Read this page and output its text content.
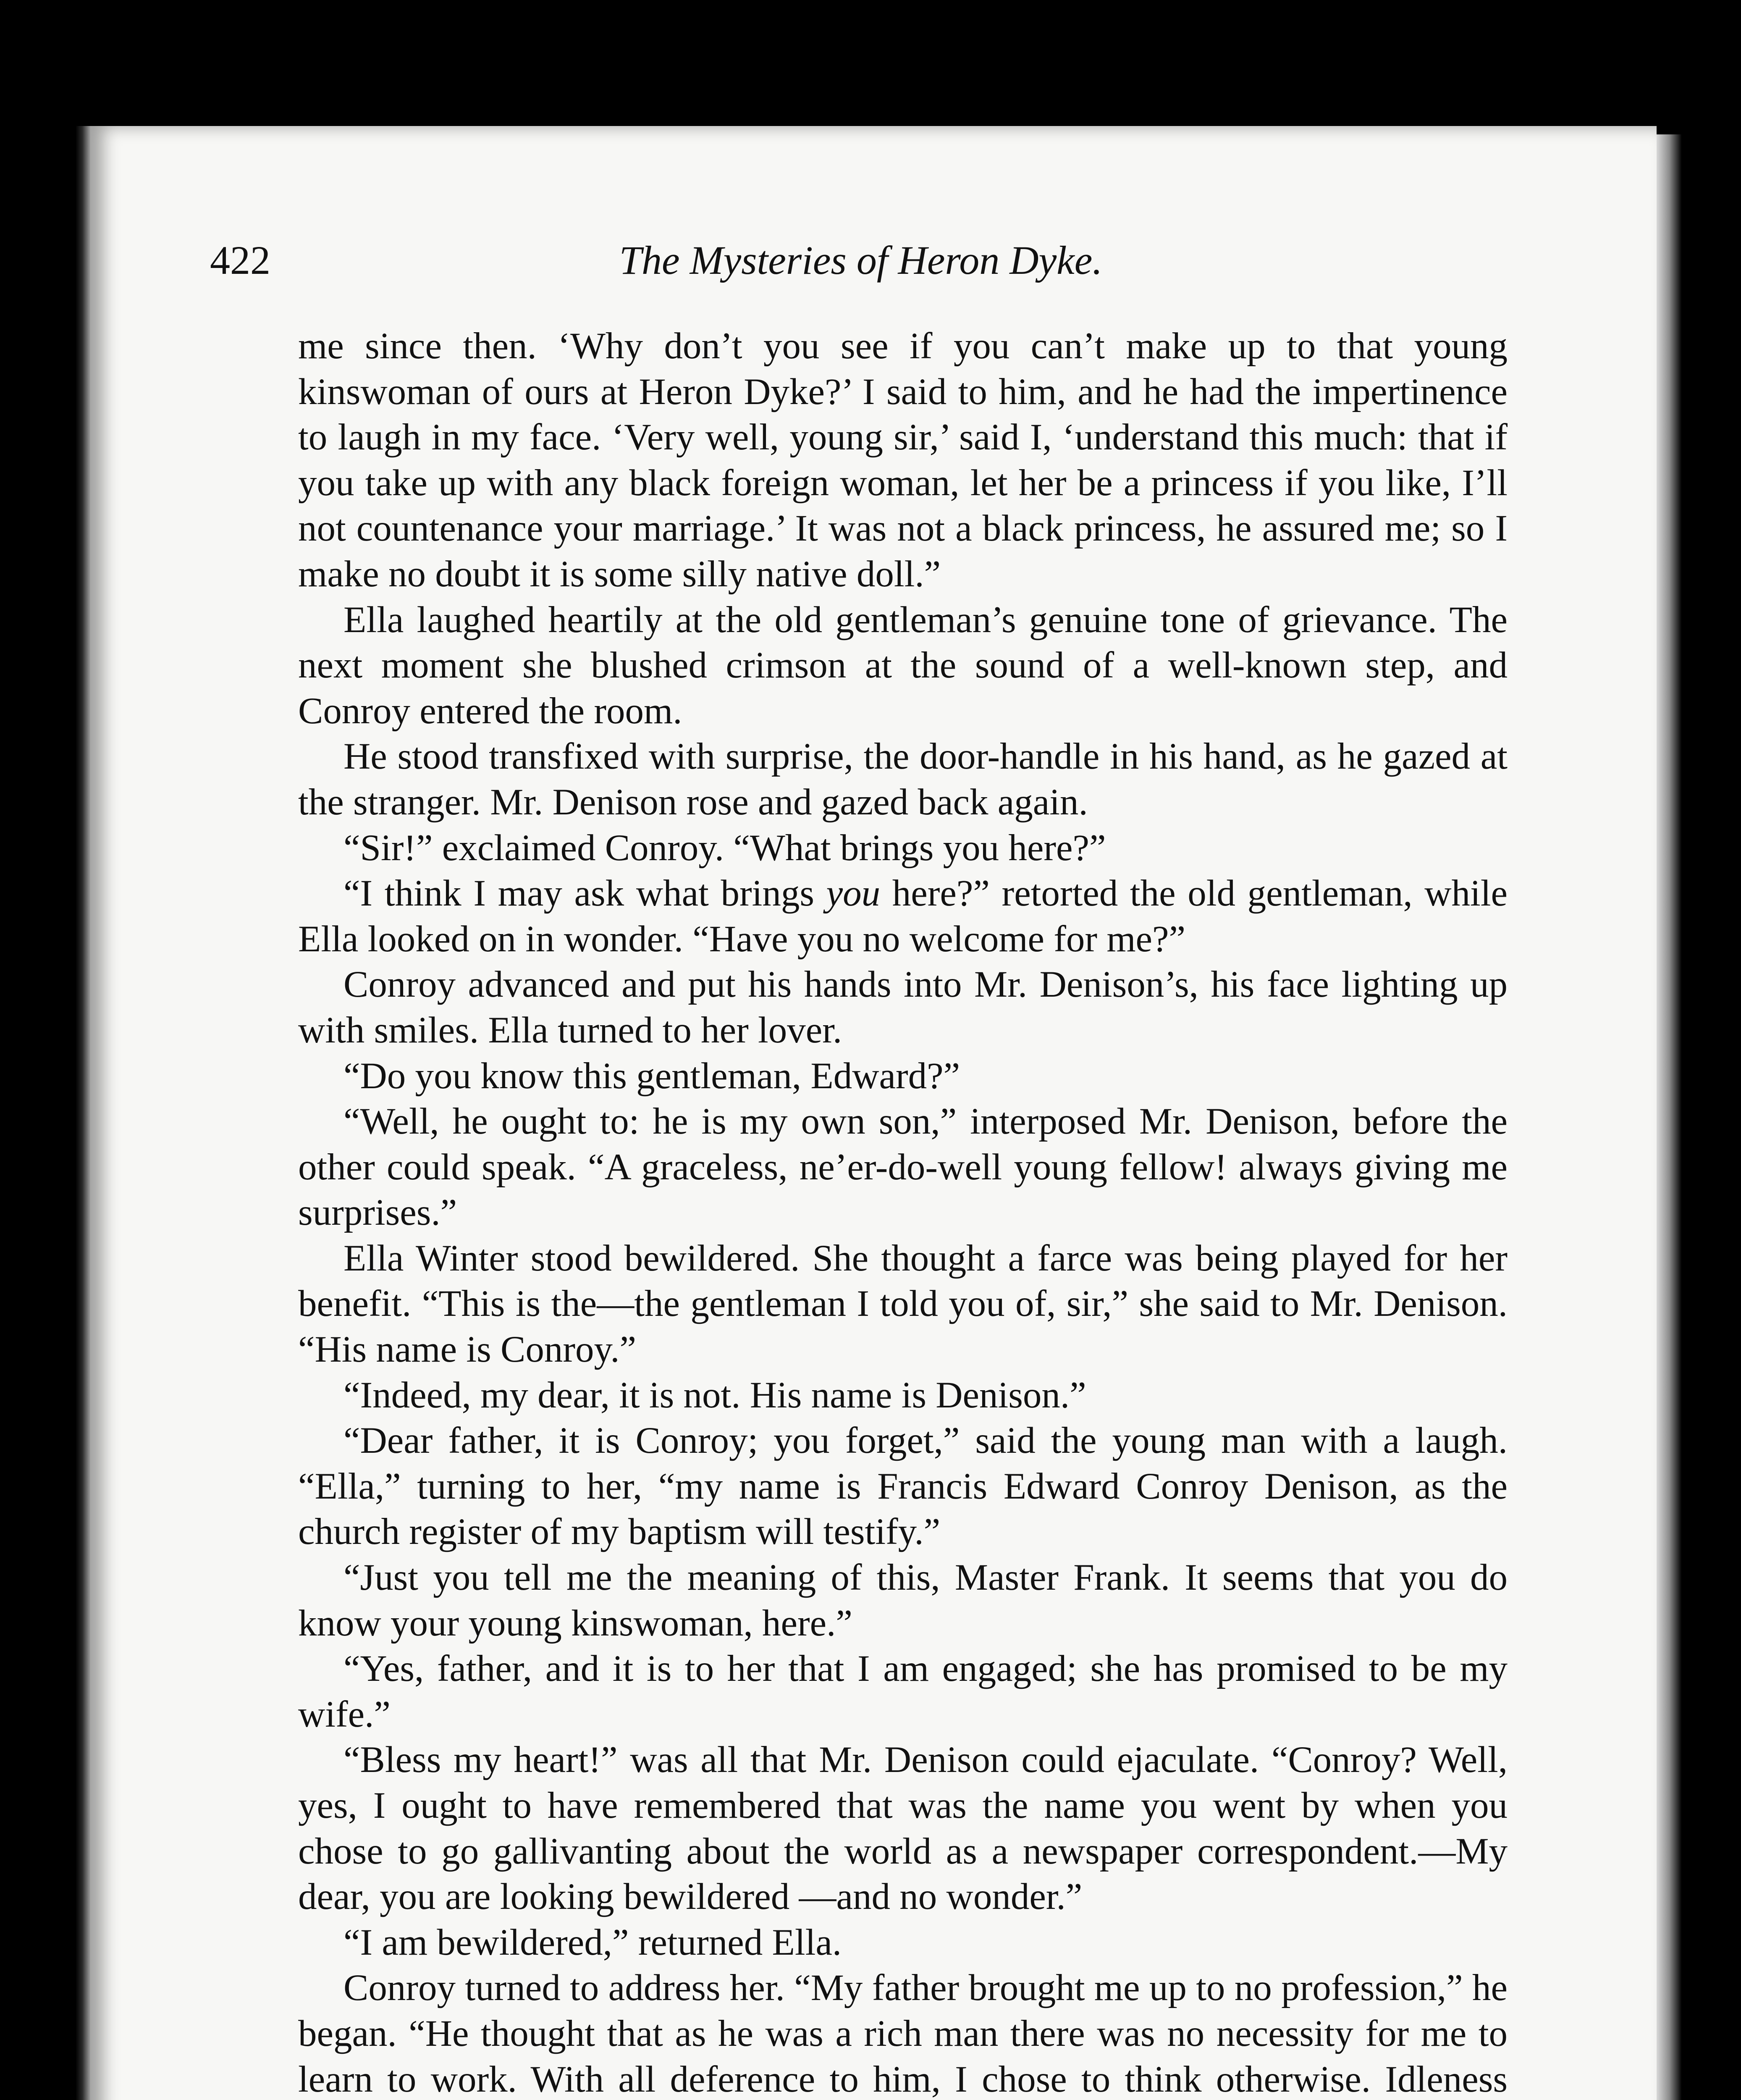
422	The Mysteries of Heron Dyke.

me since then. ‘Why don’t you see if you can’t make up to that young kinswoman of ours at Heron Dyke?’ I said to him, and he had the impertinence to laugh in my face. ‘Very well, young sir,’ said I, ‘understand this much: that if you take up with any black foreign woman, let her be a princess if you like, I’ll not countenance your marriage.’ It was not a black princess, he assured me; so I make no doubt it is some silly native doll.”

Ella laughed heartily at the old gentleman’s genuine tone of grievance. The next moment she blushed crimson at the sound of a well-known step, and Conroy entered the room.

He stood transfixed with surprise, the door-handle in his hand, as he gazed at the stranger. Mr. Denison rose and gazed back again.

“Sir!” exclaimed Conroy. “What brings you here?”

“I think I may ask what brings you here?” retorted the old gentleman, while Ella looked on in wonder. “Have you no welcome for me?”

Conroy advanced and put his hands into Mr. Denison’s, his face lighting up with smiles. Ella turned to her lover.

“Do you know this gentleman, Edward?”

“Well, he ought to: he is my own son,” interposed Mr. Denison, before the other could speak. “A graceless, ne’er-do-well young fellow! always giving me surprises.”

Ella Winter stood bewildered. She thought a farce was being played for her benefit. “This is the—the gentleman I told you of, sir,” she said to Mr. Denison. “His name is Conroy.”

“Indeed, my dear, it is not. His name is Denison.”

“Dear father, it is Conroy; you forget,” said the young man with a laugh. “Ella,” turning to her, “my name is Francis Edward Conroy Denison, as the church register of my baptism will testify.”

“Just you tell me the meaning of this, Master Frank. It seems that you do know your young kinswoman, here.”

“Yes, father, and it is to her that I am engaged; she has promised to be my wife.”

“Bless my heart!” was all that Mr. Denison could ejaculate. “Conroy? Well, yes, I ought to have remembered that was the name you went by when you chose to go gallivanting about the world as a newspaper correspondent.—My dear, you are looking bewildered —and no wonder.”

“I am bewildered,” returned Ella.

Conroy turned to address her. “My father brought me up to no profession,” he began. “He thought that as he was a rich man there was no necessity for me to learn to work. With all deference to him, I chose to think otherwise. Idleness
